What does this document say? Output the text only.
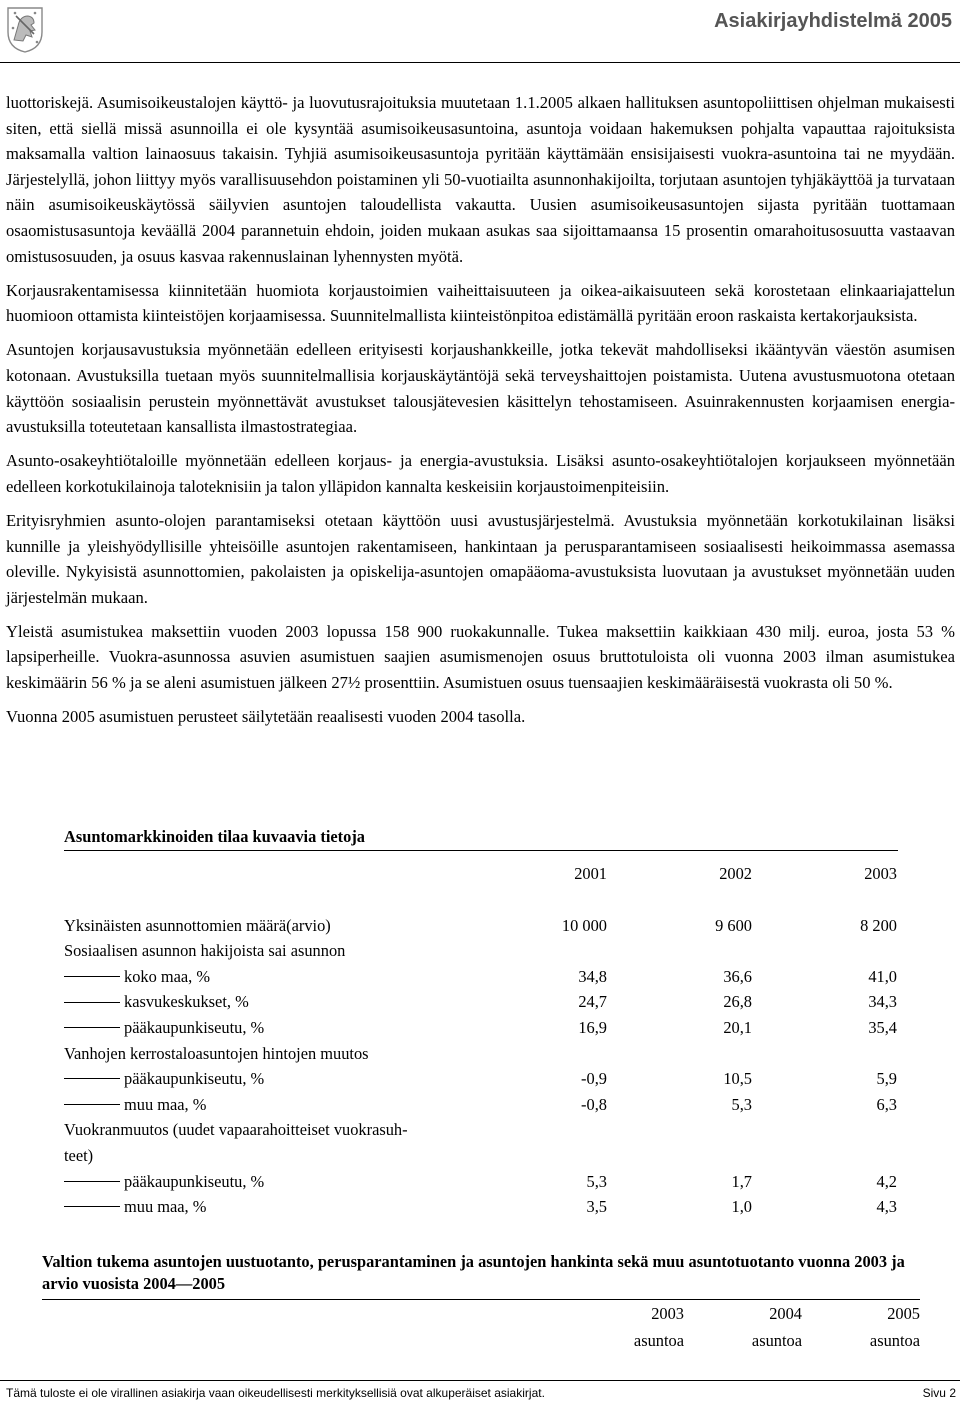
Asiakirjayhdistelmä 2005

luottoriskejä. Asumisoikeustalojen käyttö- ja luovutusrajoituksia muutetaan 1.1.2005 alkaen hallituksen asuntopoliittisen ohjelman mukaisesti siten, että siellä missä asunnoilla ei ole kysyntää asumisoikeusasuntoina, asuntoja voidaan hakemuksen pohjalta vapauttaa rajoituksista maksamalla valtion lainaosuus takaisin. Tyhjiä asumisoikeusasuntoja pyritään käyttämään ensisijaisesti vuokra-asuntoina tai ne myydään. Järjestelyllä, johon liittyy myös varallisuusehdon poistaminen yli 50-vuotiailta asunnonhakijoilta, torjutaan asuntojen tyhjäkäyttöä ja turvataan näin asumisoikeuskäytössä säilyvien asuntojen taloudellista vakautta. Uusien asumisoikeusasuntojen sijasta pyritään tuottamaan osaomistusasuntoja keväällä 2004 parannetuin ehdoin, joiden mukaan asukas saa sijoittamaansa 15 prosentin omarahoitusosuutta vastaavan omistusosuuden, ja osuus kasvaa rakennuslainan lyhennysten myötä.

Korjausrakentamisessa kiinnitetään huomiota korjaustoimien vaiheittaisuuteen ja oikea-aikaisuuteen sekä korostetaan elinkaariajattelun huomioon ottamista kiinteistöjen korjaamisessa. Suunnitelmallista kiinteistönpitoa edistämällä pyritään eroon raskaista kertakorjauksista.

Asuntojen korjausavustuksia myönnetään edelleen erityisesti korjaushankkeille, jotka tekevät mahdolliseksi ikääntyvän väestön asumisen kotonaan. Avustuksilla tuetaan myös suunnitelmallisia korjauskäytäntöjä sekä terveyshaittojen poistamista. Uutena avustusmuotona otetaan käyttöön sosiaalisin perustein myönnettävät avustukset talousjätevesien käsittelyn tehostamiseen. Asuinrakennusten korjaamisen energia-avustuksilla toteutetaan kansallista ilmastostrategiaa.

Asunto-osakeyhtiötaloille myönnetään edelleen korjaus- ja energia-avustuksia. Lisäksi asunto-osakeyhtiötalojen korjaukseen myönnetään edelleen korkotukilainoja taloteknisiin ja talon ylläpidon kannalta keskeisiin korjaustoimenpiteisiin.

Erityisryhmien asunto-olojen parantamiseksi otetaan käyttöön uusi avustusjärjestelmä. Avustuksia myönnetään korkotukilainan lisäksi kunnille ja yleishyödyllisille yhteisöille asuntojen rakentamiseen, hankintaan ja perusparantamiseen sosiaalisesti heikoimmassa asemassa oleville. Nykyisistä asunnottomien, pakolaisten ja opiskelija-asuntojen omapääoma-avustuksista luovutaan ja avustukset myönnetään uuden järjestelmän mukaan.

Yleistä asumistukea maksettiin vuoden 2003 lopussa 158 900 ruokakunnalle. Tukea maksettiin kaikkiaan 430 milj. euroa, josta 53 % lapsiperheille. Vuokra-asunnossa asuvien asumistuen saajien asumismenojen osuus bruttotuloista oli vuonna 2003 ilman asumistukea keskimäärin 56 % ja se aleni asumistuen jälkeen 27½ prosenttiin. Asumistuen osuus tuensaajien keskimääräisestä vuokrasta oli 50 %.

Vuonna 2005 asumistuen perusteet säilytetään reaalisesti vuoden 2004 tasolla.

Asuntomarkkinoiden tilaa kuvaavia tietoja
2001	2002	2003
Yksinäisten asunnottomien määrä(arvio)	10 000	9 600	8 200
Sosiaalisen asunnon hakijoista sai asunnon
koko maa, %	34,8	36,6	41,0
kasvukeskukset, %	24,7	26,8	34,3
pääkaupunkiseutu, %	16,9	20,1	35,4
Vanhojen kerrostaloasuntojen hintojen muutos
pääkaupunkiseutu, %	-0,9	10,5	5,9
muu maa, %	-0,8	5,3	6,3
Vuokranmuutos (uudet vapaarahoitteiset vuokrasuh-
teet)
pääkaupunkiseutu, %	5,3	1,7	4,2
muu maa, %	3,5	1,0	4,3
Valtion tukema asuntojen uustuotanto, perusparantaminen ja asuntojen hankinta sekä muu asuntotuotanto vuonna 2003 ja arvio vuosista 2004—2005
2003	2004	2005
asuntoa	asuntoa	asuntoa
Tämä tuloste ei ole virallinen asiakirja vaan oikeudellisesti merkityksellisiä ovat alkuperäiset asiakirjat.	Sivu 2
